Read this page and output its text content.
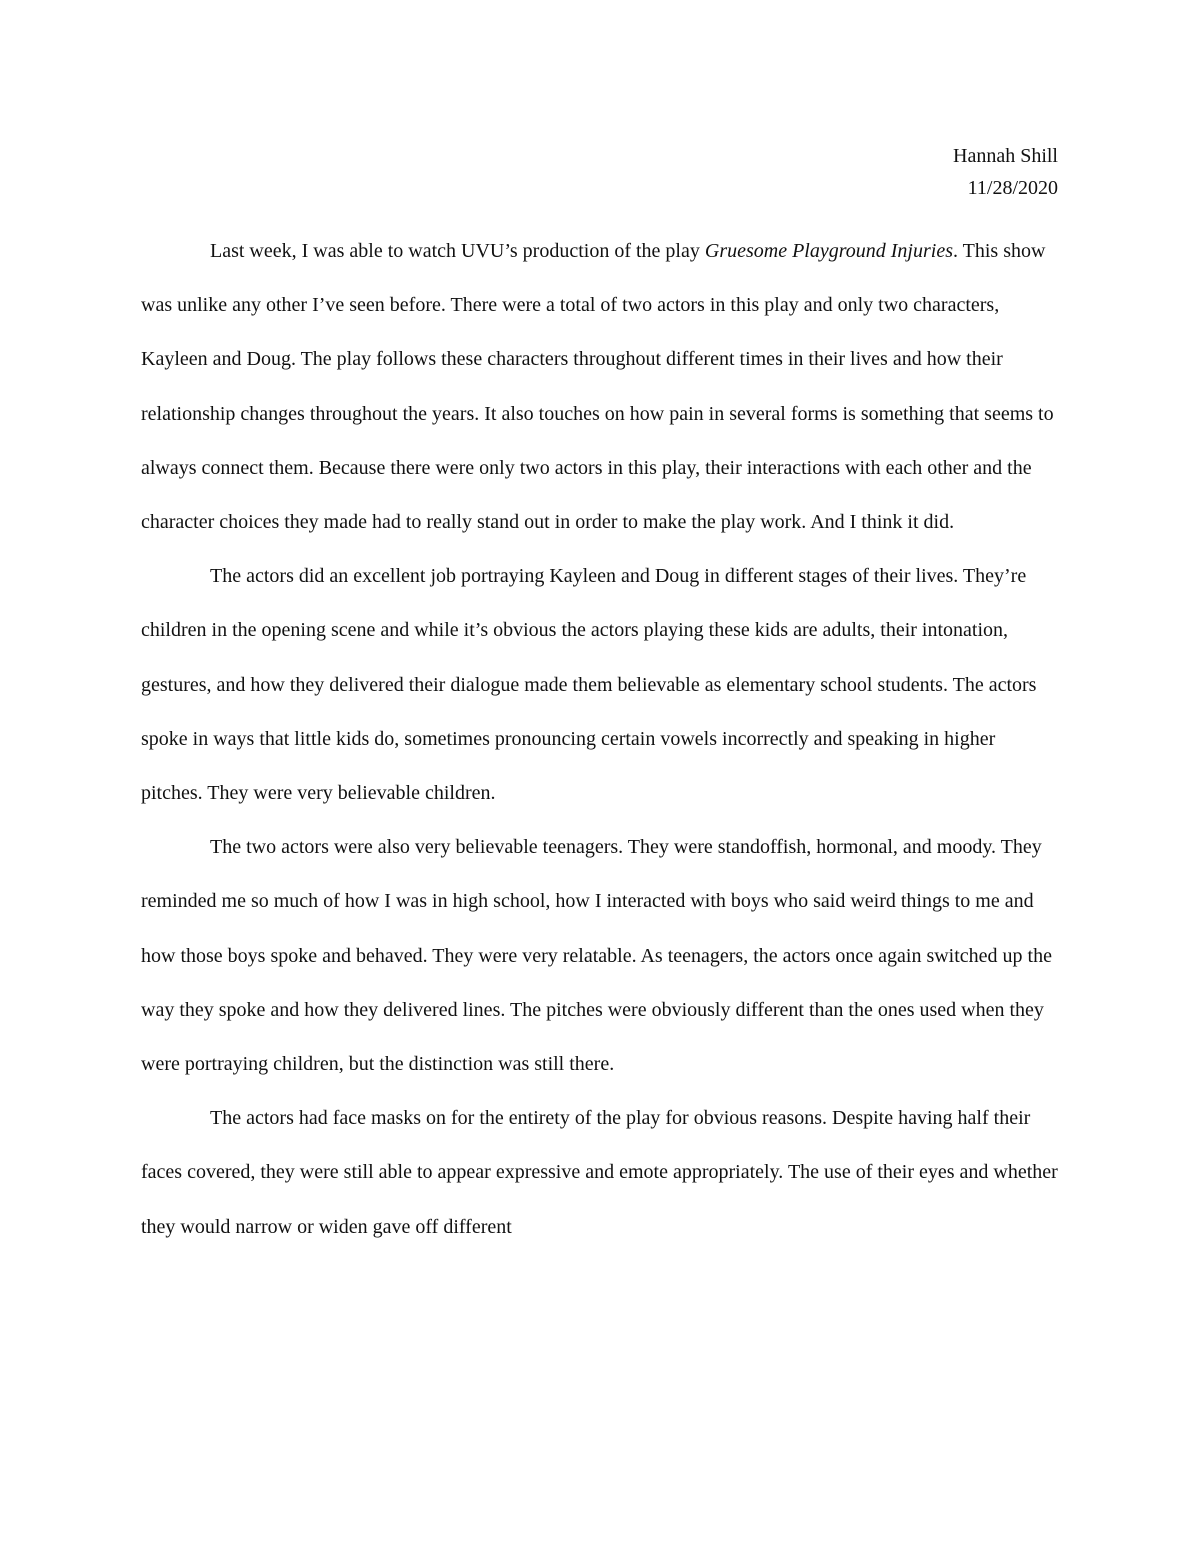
Hannah Shill
11/28/2020

Last week, I was able to watch UVU’s production of the play Gruesome Playground Injuries. This show was unlike any other I’ve seen before. There were a total of two actors in this play and only two characters, Kayleen and Doug. The play follows these characters throughout different times in their lives and how their relationship changes throughout the years. It also touches on how pain in several forms is something that seems to always connect them. Because there were only two actors in this play, their interactions with each other and the character choices they made had to really stand out in order to make the play work. And I think it did.

The actors did an excellent job portraying Kayleen and Doug in different stages of their lives. They’re children in the opening scene and while it’s obvious the actors playing these kids are adults, their intonation, gestures, and how they delivered their dialogue made them believable as elementary school students. The actors spoke in ways that little kids do, sometimes pronouncing certain vowels incorrectly and speaking in higher pitches. They were very believable children.

The two actors were also very believable teenagers. They were standoffish, hormonal, and moody. They reminded me so much of how I was in high school, how I interacted with boys who said weird things to me and how those boys spoke and behaved. They were very relatable. As teenagers, the actors once again switched up the way they spoke and how they delivered lines. The pitches were obviously different than the ones used when they were portraying children, but the distinction was still there.

The actors had face masks on for the entirety of the play for obvious reasons. Despite having half their faces covered, they were still able to appear expressive and emote appropriately. The use of their eyes and whether they would narrow or widen gave off different
